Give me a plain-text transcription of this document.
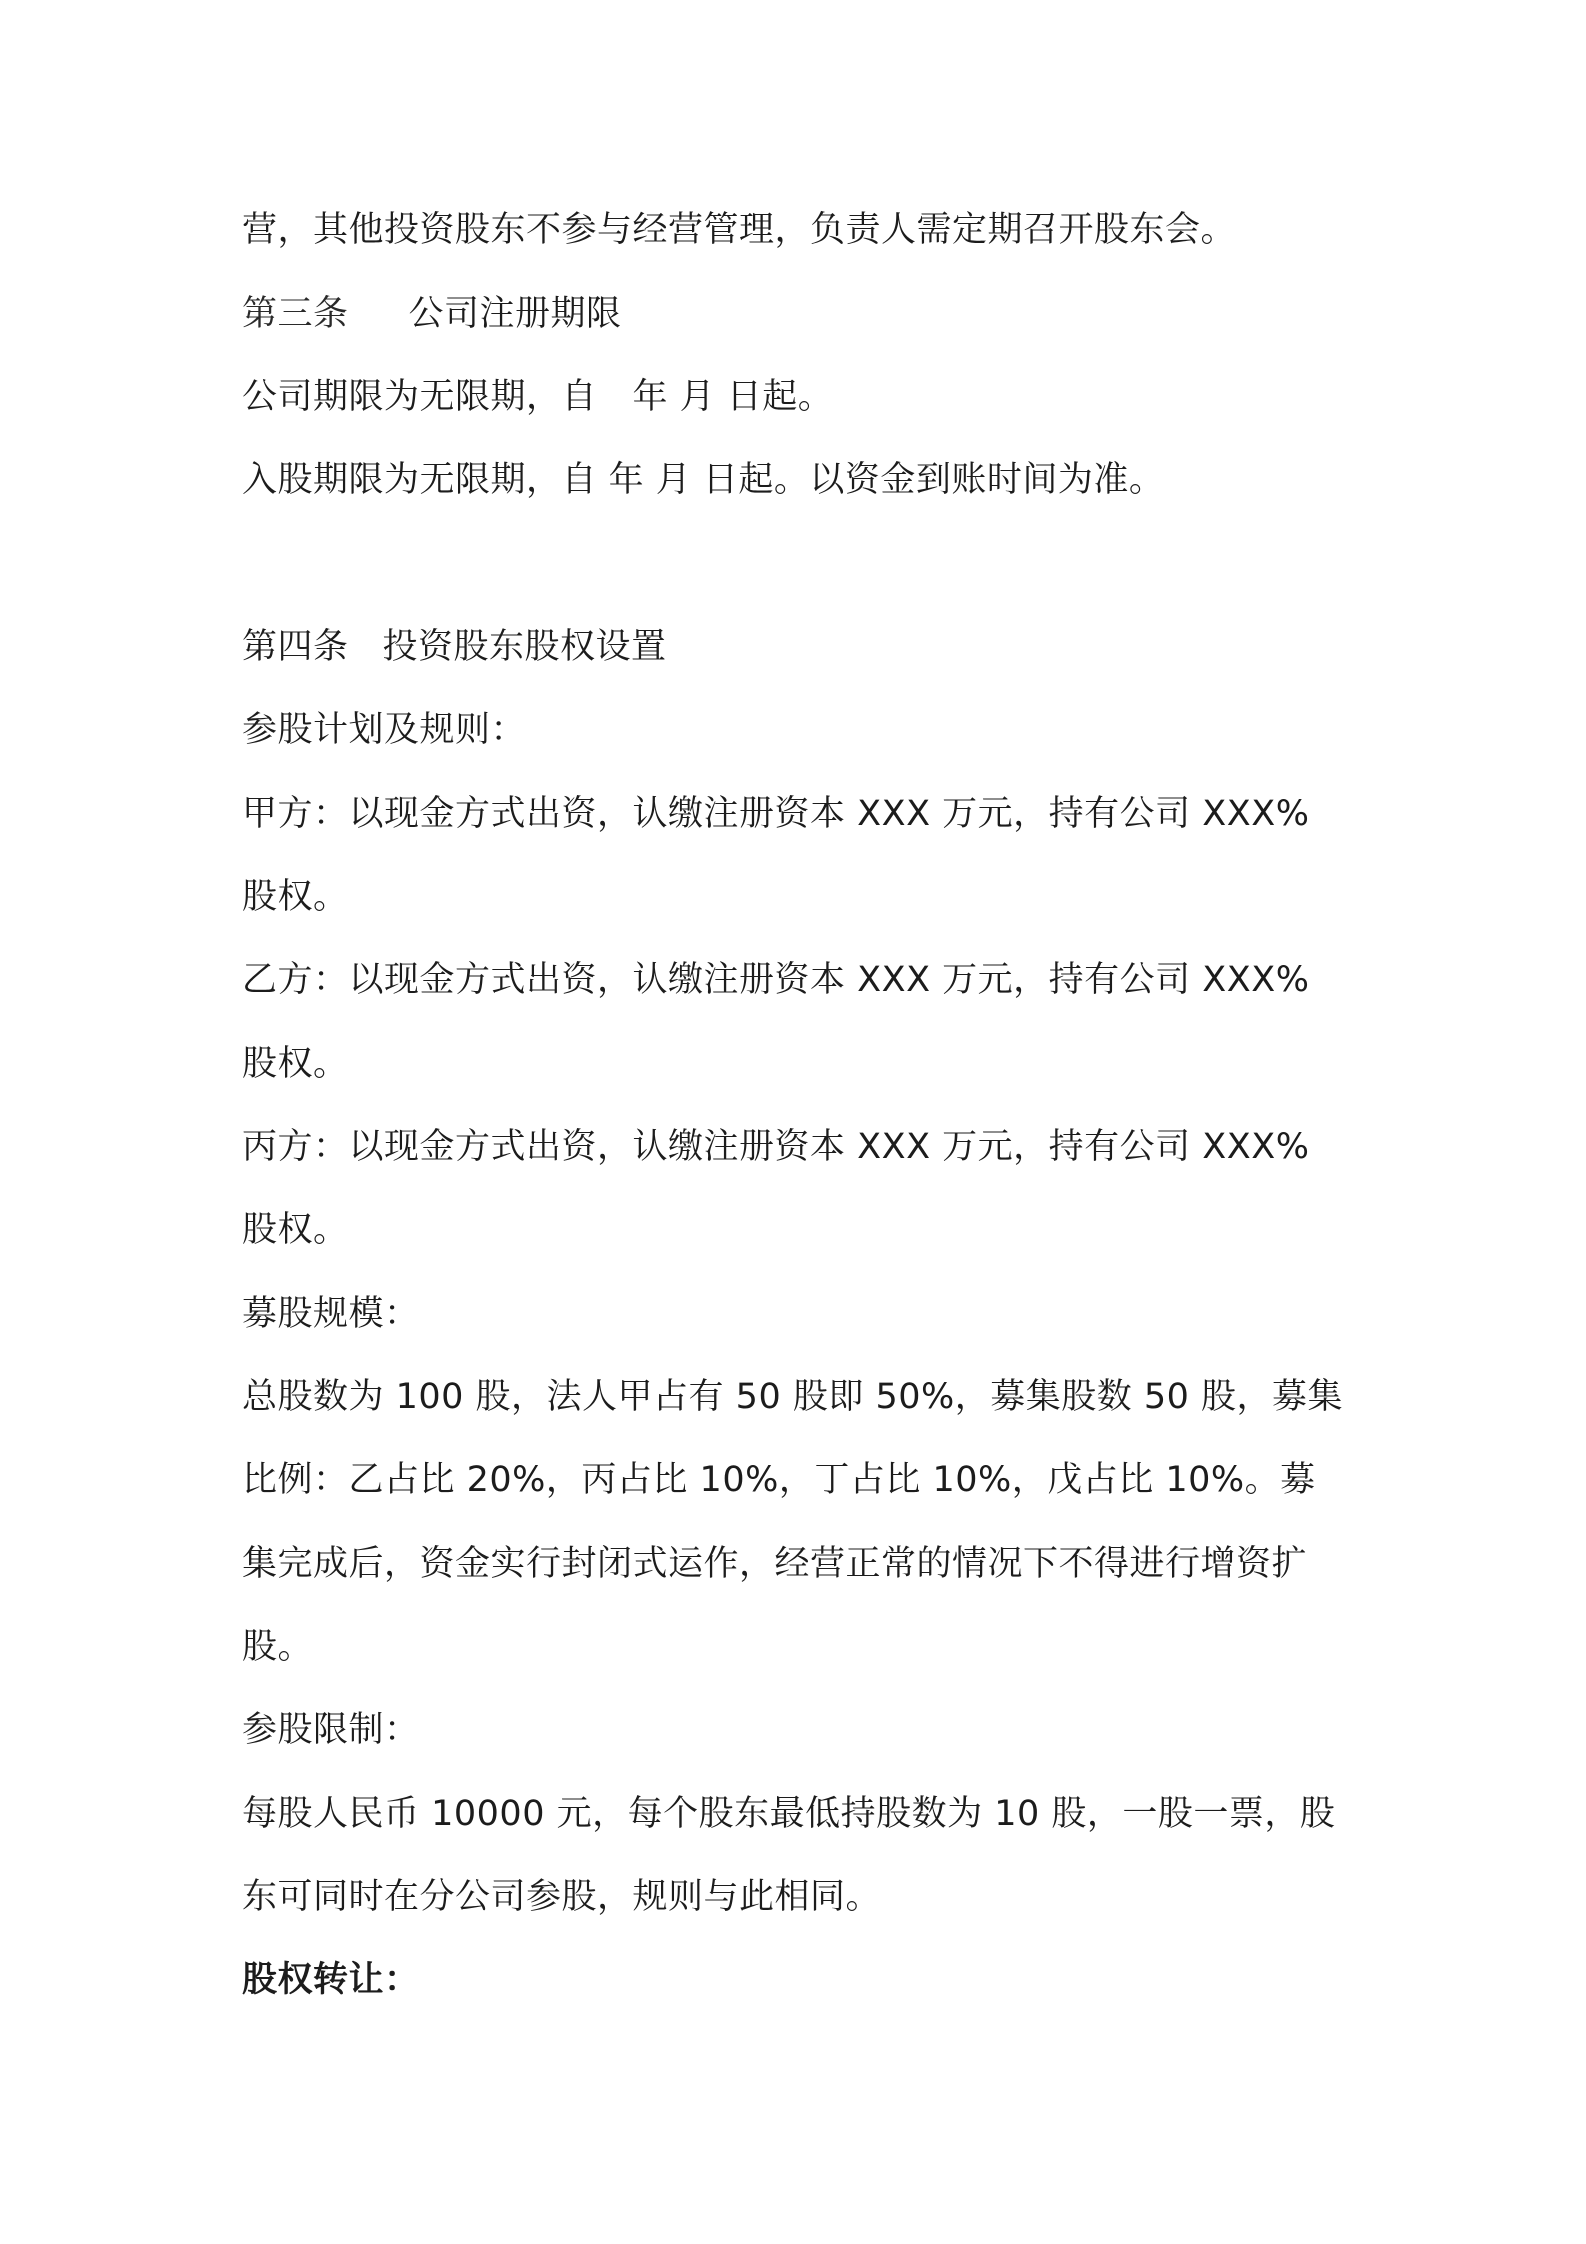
营，其他投资股东不参与经营管理，负责人需定期召开股东会。
第三条 公司注册期限
公司期限为无限期，自　年 月 日起。
入股期限为无限期，自 年 月 日起。以资金到账时间为准。
第四条 投资股东股权设置
参股计划及规则：
甲方：以现金方式出资，认缴注册资本 XXX 万元，持有公司 XXX%
股权。
乙方：以现金方式出资，认缴注册资本 XXX 万元，持有公司 XXX%
股权。
丙方：以现金方式出资，认缴注册资本 XXX 万元，持有公司 XXX%
股权。
募股规模：
总股数为 100 股，法人甲占有 50 股即 50%，募集股数 50 股，募集
比例：乙占比 20%，丙占比 10%，丁占比 10%，戊占比 10%。募
集完成后，资金实行封闭式运作，经营正常的情况下不得进行增资扩
股。
参股限制：
每股人民币 10000 元，每个股东最低持股数为 10 股，一股一票，股
东可同时在分公司参股，规则与此相同。
股权转让：
